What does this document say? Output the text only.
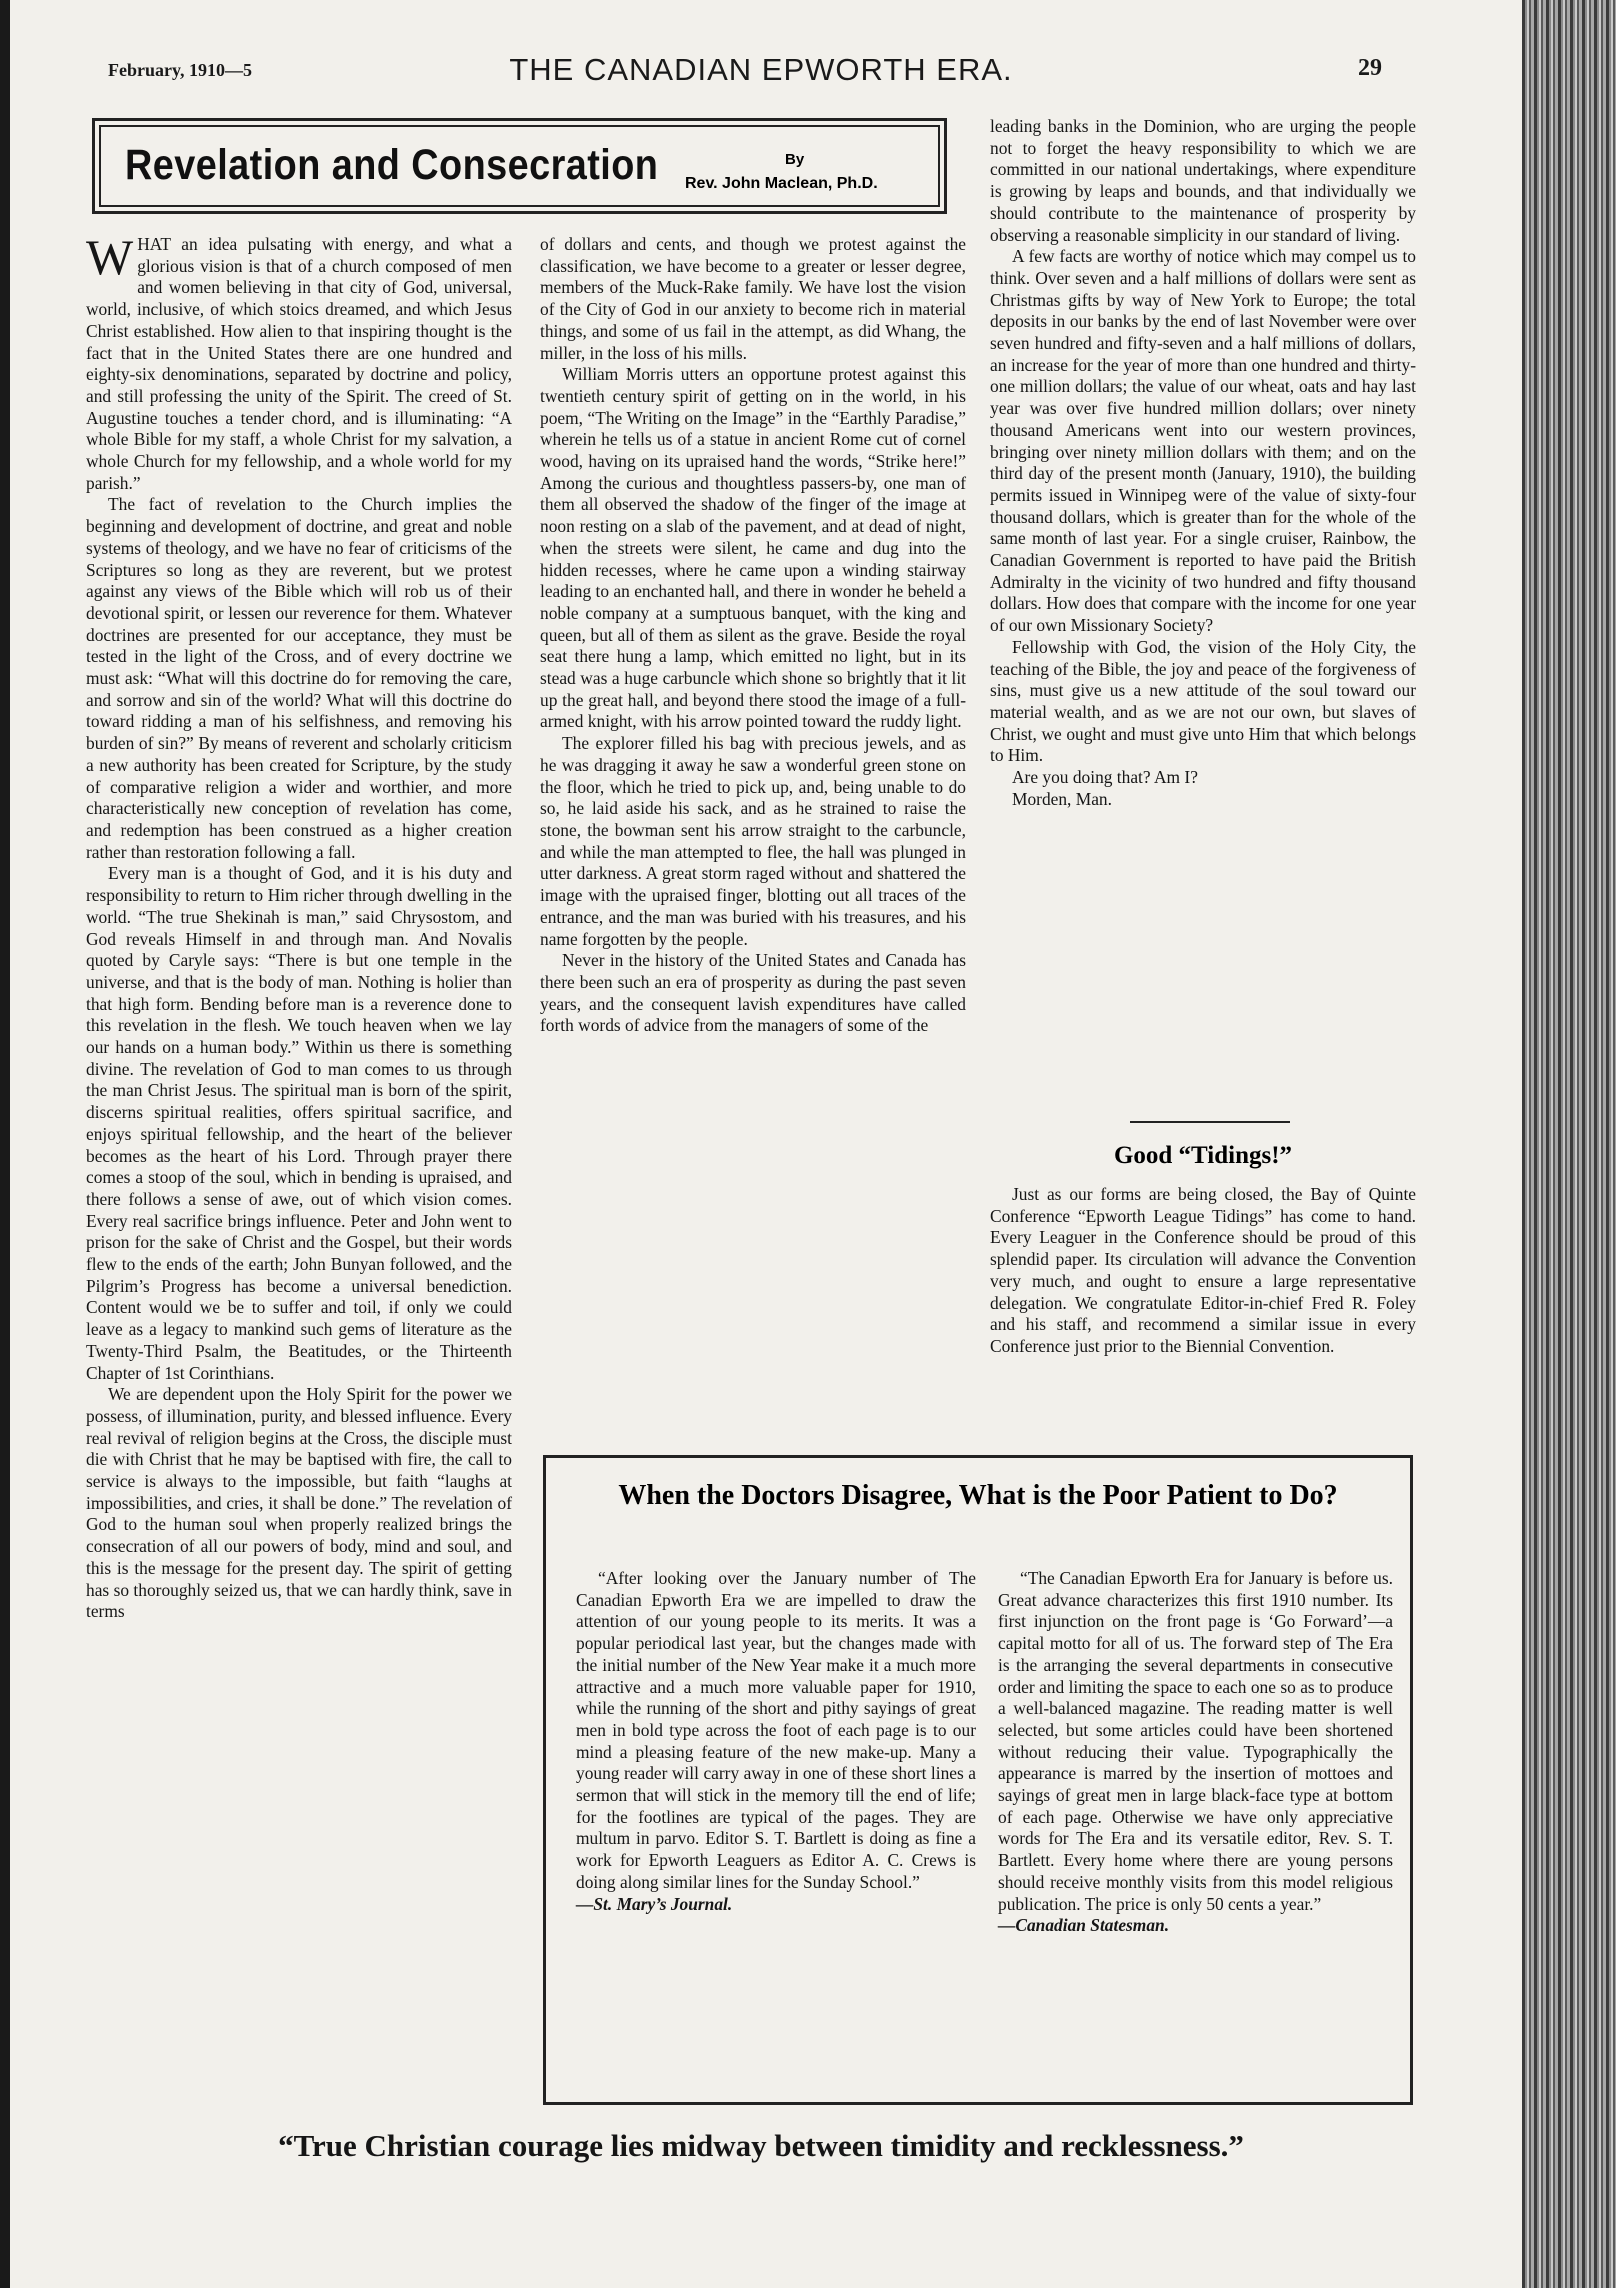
February, 1910—5	THE CANADIAN EPWORTH ERA.	29
Revelation and Consecration	By
Rev. John Maclean, Ph.D.

WHAT an idea pulsating with energy, and what a glorious vision is that of a church composed of men and women believing in that city of God, universal, world, inclusive, of which stoics dreamed, and which Jesus Christ established. How alien to that inspiring thought is the fact that in the United States there are one hundred and eighty-six denominations, separated by doctrine and policy, and still professing the unity of the Spirit. The creed of St. Augustine touches a tender chord, and is illuminating: “A whole Bible for my staff, a whole Christ for my salvation, a whole Church for my fellowship, and a whole world for my parish.”

The fact of revelation to the Church implies the beginning and development of doctrine, and great and noble systems of theology, and we have no fear of criticisms of the Scriptures so long as they are reverent, but we protest against any views of the Bible which will rob us of their devotional spirit, or lessen our reverence for them. Whatever doctrines are presented for our acceptance, they must be tested in the light of the Cross, and of every doctrine we must ask: “What will this doctrine do for removing the care, and sorrow and sin of the world? What will this doctrine do toward ridding a man of his selfishness, and removing his burden of sin?” By means of reverent and scholarly criticism a new authority has been created for Scripture, by the study of comparative religion a wider and worthier, and more characteristically new conception of revelation has come, and redemption has been construed as a higher creation rather than restoration following a fall.

Every man is a thought of God, and it is his duty and responsibility to return to Him richer through dwelling in the world. “The true Shekinah is man,” said Chrysostom, and God reveals Himself in and through man. And Novalis quoted by Caryle says: “There is but one temple in the universe, and that is the body of man. Nothing is holier than that high form. Bending before man is a reverence done to this revelation in the flesh. We touch heaven when we lay our hands on a human body.” Within us there is something divine. The revelation of God to man comes to us through the man Christ Jesus. The spiritual man is born of the spirit, discerns spiritual realities, offers spiritual sacrifice, and enjoys spiritual fellowship, and the heart of the believer becomes as the heart of his Lord. Through prayer there comes a stoop of the soul, which in bending is upraised, and there follows a sense of awe, out of which vision comes. Every real sacrifice brings influence. Peter and John went to prison for the sake of Christ and the Gospel, but their words flew to the ends of the earth; John Bunyan followed, and the Pilgrim’s Progress has become a universal benediction. Content would we be to suffer and toil, if only we could leave as a legacy to mankind such gems of literature as the Twenty-Third Psalm, the Beatitudes, or the Thirteenth Chapter of 1st Corinthians.

We are dependent upon the Holy Spirit for the power we possess, of illumination, purity, and blessed influence. Every real revival of religion begins at the Cross, the disciple must die with Christ that he may be baptised with fire, the call to service is always to the impossible, but faith “laughs at impossibilities, and cries, it shall be done.” The revelation of God to the human soul when properly realized brings the consecration of all our powers of body, mind and soul, and this is the message for the present day. The spirit of getting has so thoroughly seized us, that we can hardly think, save in terms

of dollars and cents, and though we protest against the classification, we have become to a greater or lesser degree, members of the Muck-Rake family. We have lost the vision of the City of God in our anxiety to become rich in material things, and some of us fail in the attempt, as did Whang, the miller, in the loss of his mills.

William Morris utters an opportune protest against this twentieth century spirit of getting on in the world, in his poem, “The Writing on the Image” in the “Earthly Paradise,” wherein he tells us of a statue in ancient Rome cut of cornel wood, having on its upraised hand the words, “Strike here!” Among the curious and thoughtless passers-by, one man of them all observed the shadow of the finger of the image at noon resting on a slab of the pavement, and at dead of night, when the streets were silent, he came and dug into the hidden recesses, where he came upon a winding stairway leading to an enchanted hall, and there in wonder he beheld a noble company at a sumptuous banquet, with the king and queen, but all of them as silent as the grave. Beside the royal seat there hung a lamp, which emitted no light, but in its stead was a huge carbuncle which shone so brightly that it lit up the great hall, and beyond there stood the image of a full-armed knight, with his arrow pointed toward the ruddy light.

The explorer filled his bag with precious jewels, and as he was dragging it away he saw a wonderful green stone on the floor, which he tried to pick up, and, being unable to do so, he laid aside his sack, and as he strained to raise the stone, the bowman sent his arrow straight to the carbuncle, and while the man attempted to flee, the hall was plunged in utter darkness. A great storm raged without and shattered the image with the upraised finger, blotting out all traces of the entrance, and the man was buried with his treasures, and his name forgotten by the people.

Never in the history of the United States and Canada has there been such an era of prosperity as during the past seven years, and the consequent lavish expenditures have called forth words of advice from the managers of some of the

leading banks in the Dominion, who are urging the people not to forget the heavy responsibility to which we are committed in our national undertakings, where expenditure is growing by leaps and bounds, and that individually we should contribute to the maintenance of prosperity by observing a reasonable simplicity in our standard of living.

A few facts are worthy of notice which may compel us to think. Over seven and a half millions of dollars were sent as Christmas gifts by way of New York to Europe; the total deposits in our banks by the end of last November were over seven hundred and fifty-seven and a half millions of dollars, an increase for the year of more than one hundred and thirty-one million dollars; the value of our wheat, oats and hay last year was over five hundred million dollars; over ninety thousand Americans went into our western provinces, bringing over ninety million dollars with them; and on the third day of the present month (January, 1910), the building permits issued in Winnipeg were of the value of sixty-four thousand dollars, which is greater than for the whole of the same month of last year. For a single cruiser, Rainbow, the Canadian Government is reported to have paid the British Admiralty in the vicinity of two hundred and fifty thousand dollars. How does that compare with the income for one year of our own Missionary Society?

Fellowship with God, the vision of the Holy City, the teaching of the Bible, the joy and peace of the forgiveness of sins, must give us a new attitude of the soul toward our material wealth, and as we are not our own, but slaves of Christ, we ought and must give unto Him that which belongs to Him.

Are you doing that? Am I?

Morden, Man.

Good “Tidings!”

Just as our forms are being closed, the Bay of Quinte Conference “Epworth League Tidings” has come to hand. Every Leaguer in the Conference should be proud of this splendid paper. Its circulation will advance the Convention very much, and ought to ensure a large representative delegation. We congratulate Editor-in-chief Fred R. Foley and his staff, and recommend a similar issue in every Conference just prior to the Biennial Convention.

When the Doctors Disagree, What is the Poor Patient to Do?

“After looking over the January number of The Canadian Epworth Era we are impelled to draw the attention of our young people to its merits. It was a popular periodical last year, but the changes made with the initial number of the New Year make it a much more attractive and a much more valuable paper for 1910, while the running of the short and pithy sayings of great men in bold type across the foot of each page is to our mind a pleasing feature of the new make-up. Many a young reader will carry away in one of these short lines a sermon that will stick in the memory till the end of life; for the footlines are typical of the pages. They are multum in parvo. Editor S. T. Bartlett is doing as fine a work for Epworth Leaguers as Editor A. C. Crews is doing along similar lines for the Sunday School.”

—St. Mary’s Journal.

“The Canadian Epworth Era for January is before us. Great advance characterizes this first 1910 number. Its first injunction on the front page is ‘Go Forward’—a capital motto for all of us. The forward step of The Era is the arranging the several departments in consecutive order and limiting the space to each one so as to produce a well-balanced magazine. The reading matter is well selected, but some articles could have been shortened without reducing their value. Typographically the appearance is marred by the insertion of mottoes and sayings of great men in large black-face type at bottom of each page. Otherwise we have only appreciative words for The Era and its versatile editor, Rev. S. T. Bartlett. Every home where there are young persons should receive monthly visits from this model religious publication. The price is only 50 cents a year.”

—Canadian Statesman.

“True Christian courage lies midway between timidity and recklessness.”
